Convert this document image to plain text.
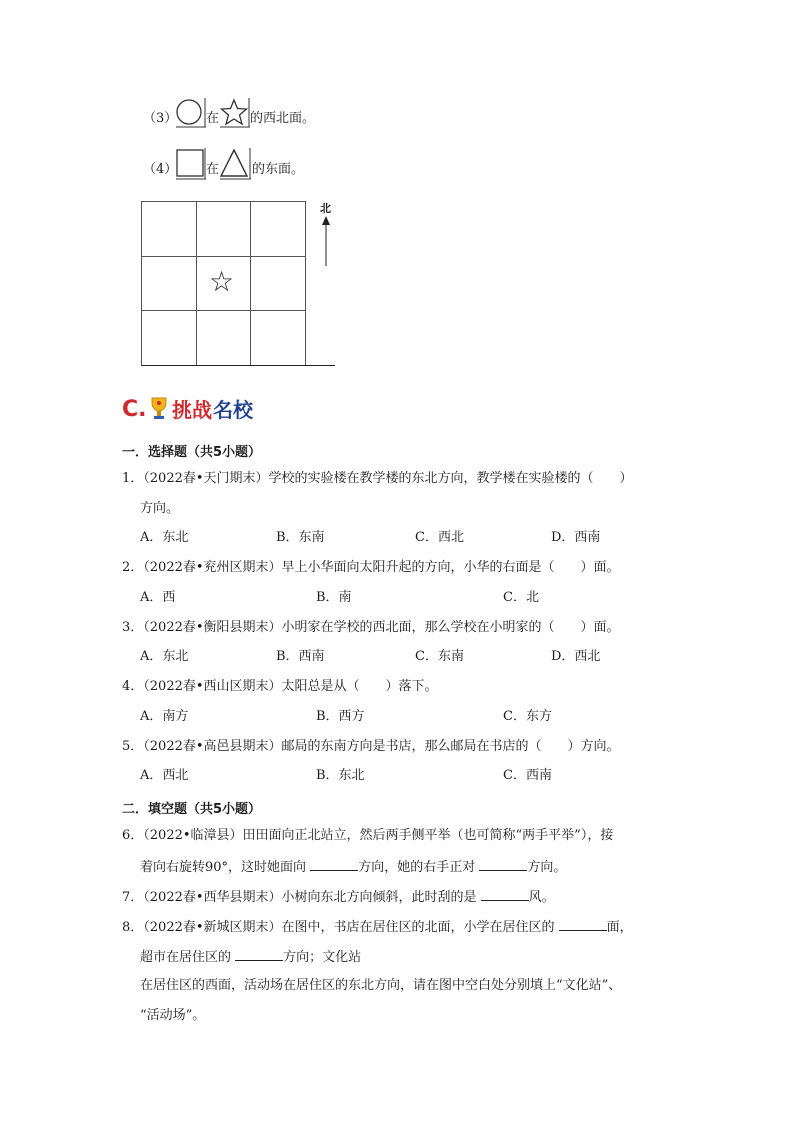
（3） 在 的西北面。
（4） 在	的东面。
☆
北
C. 挑战 名校
一．选择题（共5小题）
1．（2022春•天门期末）学校的实验楼在教学楼的东北方向，教学楼在实验楼的（　　）
方向。
A．东北	B．东南	C．西北	D．西南
2．（2022春•兖州区期末）早上小华面向太阳升起的方向，小华的右面是（　　）面。
A．西	B．南	C．北
3．（2022春•衡阳县期末）小明家在学校的西北面，那么学校在小明家的（　　）面。
A．东北	B．西南	C．东南	D．西北
4．（2022春•西山区期末）太阳总是从（　　）落下。
A．南方	B．西方	C．东方
5．（2022春•高邑县期末）邮局的东南方向是书店，那么邮局在书店的（　　）方向。
A．西北	B．东北	C．西南
二．填空题（共5小题）
6．（2022•临漳县）田田面向正北站立，然后两手侧平举（也可简称“两手平举”），接
着向右旋转90°，这时她面向	方向，她的右手正对	方向。
7．（2022春•西华县期末）小树向东北方向倾斜，此时刮的是	风。
8．（2022春•新城区期末）在图中，书店在居住区的北面，小学在居住区的	面，
超市在居住区的	方向；文化站
在居住区的西面，活动场在居住区的东北方向，请在图中空白处分别填上“文化站”、
“活动场”。
